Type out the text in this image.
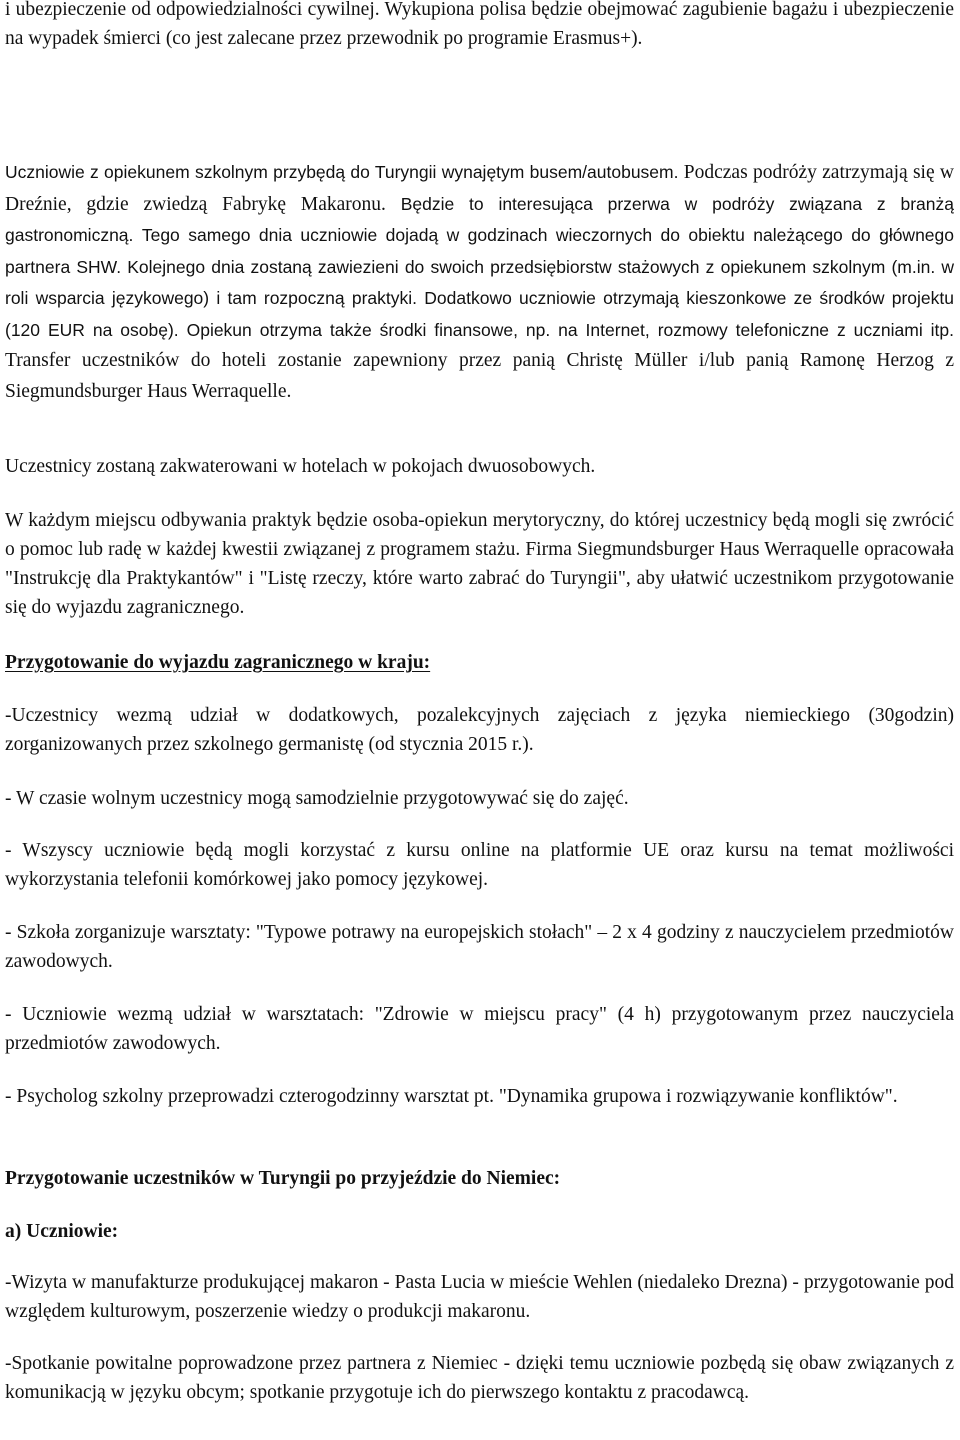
i ubezpieczenie od odpowiedzialności cywilnej. Wykupiona polisa będzie obejmować zagubienie bagażu i ubezpieczenie na wypadek śmierci (co jest zalecane przez przewodnik po programie Erasmus+).

Uczniowie z opiekunem szkolnym przybędą do Turyngii wynajętym busem/autobusem. Podczas podróży zatrzymają się w Dreźnie, gdzie zwiedzą Fabrykę Makaronu. Będzie to interesująca przerwa w podróży związana z branżą gastronomiczną. Tego samego dnia uczniowie dojadą w godzinach wieczornych do obiektu należącego do głównego partnera SHW. Kolejnego dnia zostaną zawiezieni do swoich przedsiębiorstw stażowych z opiekunem szkolnym (m.in. w roli wsparcia językowego) i tam rozpoczną praktyki. Dodatkowo uczniowie otrzymają kieszonkowe ze środków projektu (120 EUR na osobę). Opiekun otrzyma także środki finansowe, np. na Internet, rozmowy telefoniczne z uczniami itp. Transfer uczestników do hoteli zostanie zapewniony przez panią Christę Müller i/lub panią Ramonę Herzog z Siegmundsburger Haus Werraquelle.

Uczestnicy zostaną zakwaterowani w hotelach w pokojach dwuosobowych.

W każdym miejscu odbywania praktyk będzie osoba-opiekun merytoryczny, do której uczestnicy będą mogli się zwrócić o pomoc lub radę w każdej kwestii związanej z programem stażu. Firma Siegmundsburger Haus Werraquelle opracowała "Instrukcję dla Praktykantów" i "Listę rzeczy, które warto zabrać do Turyngii", aby ułatwić uczestnikom przygotowanie się do wyjazdu zagranicznego.

Przygotowanie do wyjazdu zagranicznego w kraju:

-Uczestnicy wezmą udział w dodatkowych, pozalekcyjnych zajęciach z języka niemieckiego (30godzin) zorganizowanych przez szkolnego germanistę (od stycznia 2015 r.).

- W czasie wolnym uczestnicy mogą samodzielnie przygotowywać się do zajęć.

- Wszyscy uczniowie będą mogli korzystać z kursu online na platformie UE oraz kursu na temat możliwości wykorzystania telefonii komórkowej jako pomocy językowej.

- Szkoła zorganizuje warsztaty: "Typowe potrawy na europejskich stołach" – 2 x 4 godziny z nauczycielem przedmiotów zawodowych.

- Uczniowie wezmą udział w warsztatach: "Zdrowie w miejscu pracy" (4 h) przygotowanym przez nauczyciela przedmiotów zawodowych.

- Psycholog szkolny przeprowadzi czterogodzinny warsztat pt. "Dynamika grupowa i rozwiązywanie konfliktów".

Przygotowanie uczestników w Turyngii po przyjeździe do Niemiec:

a) Uczniowie:

-Wizyta w manufakturze produkującej makaron - Pasta Lucia w mieście Wehlen (niedaleko Drezna) - przygotowanie pod względem kulturowym, poszerzenie wiedzy o produkcji makaronu.

-Spotkanie powitalne poprowadzone przez partnera z Niemiec - dzięki temu uczniowie pozbędą się obaw związanych z komunikacją w języku obcym; spotkanie przygotuje ich do pierwszego kontaktu z pracodawcą.
